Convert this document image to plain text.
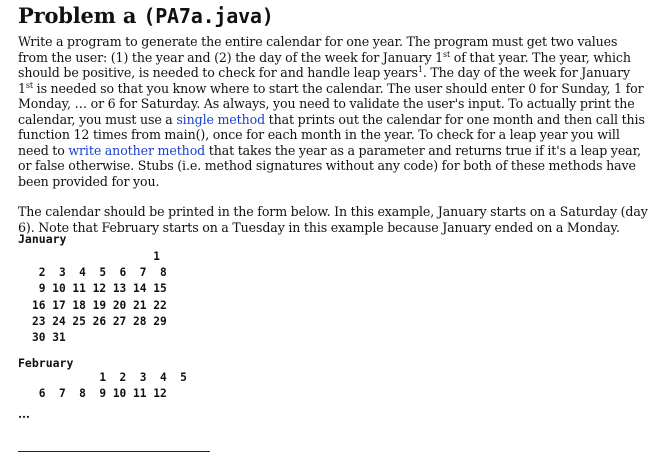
Problem a (PA7a.java)

Write a program to generate the entire calendar for one year. The program must get two values from the user: (1) the year and (2) the day of the week for January 1st of that year. The year, which should be positive, is needed to check for and handle leap years$^1$. The day of the week for January 1st is needed so that you know where to start the calendar. The user should enter 0 for Sunday, 1 for Monday, … or 6 for Saturday. As always, you need to validate the user's input. To actually print the calendar, you must use a single method that prints out the calendar for one month and then call this function 12 times from main(), once for each month in the year. To check for a leap year you will need to write another method that takes the year as a parameter and returns true if it's a leap year, or false otherwise. Stubs (i.e. method signatures without any code) for both of these methods have been provided for you.

The calendar should be printed in the form below. In this example, January starts on a Saturday (day 6). Note that February starts on a Tuesday in this example because January ended on a Monday.

January
1
2  3  4  5  6  7  8
9 10 11 12 13 14 15
16 17 18 19 20 21 22
23 24 25 26 27 28 29
30 31
February
1  2  3  4  5
6  7  8  9 10 11 12
…
